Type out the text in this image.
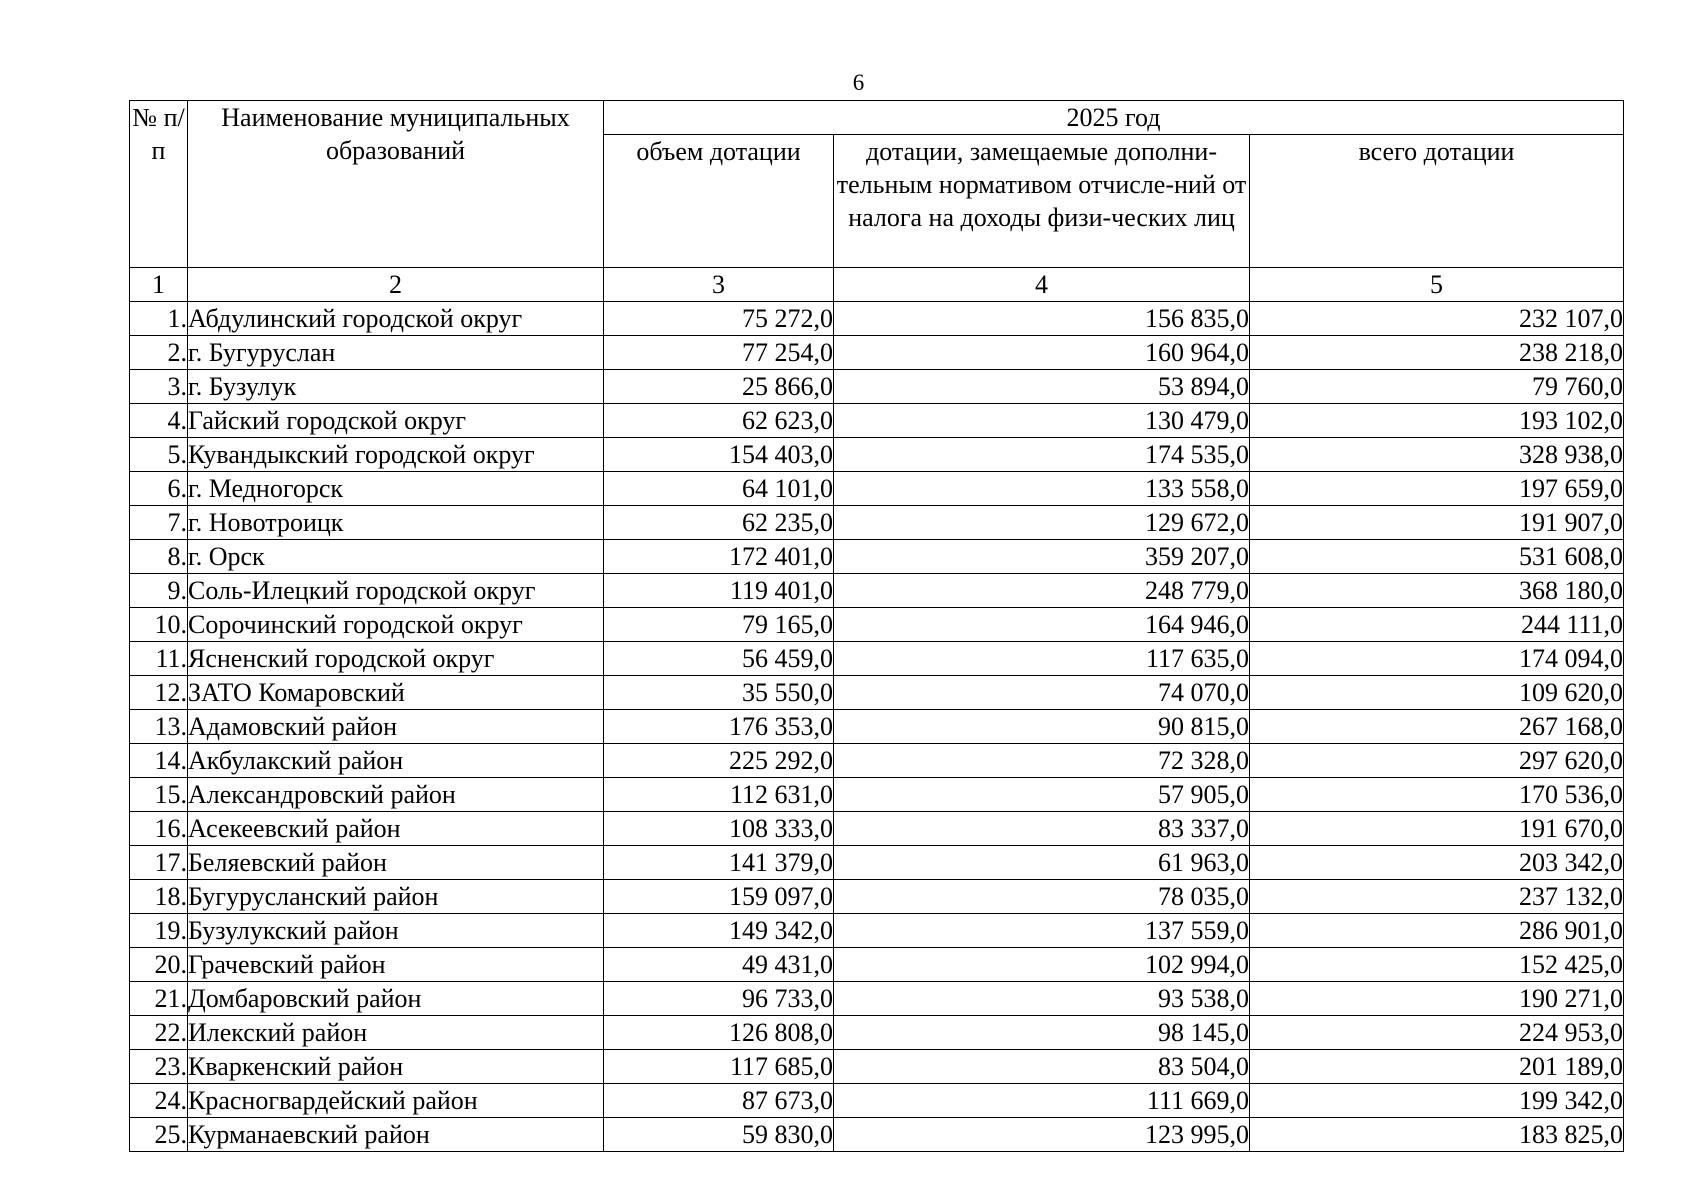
6
№ п/п	Наименование муниципальных образований	2025 год		
		объем дотации	дотации, замещаемые дополни-тельным нормативом отчисле-ний от налога на доходы физи-ческих лиц	всего дотации
1	2	3	4	5
1.	Абдулинский городской округ	75 272,0	156 835,0	232 107,0
2.	г. Бугуруслан	77 254,0	160 964,0	238 218,0
3.	г. Бузулук	25 866,0	53 894,0	79 760,0
4.	Гайский городской округ	62 623,0	130 479,0	193 102,0
5.	Кувандыкский городской округ	154 403,0	174 535,0	328 938,0
6.	г. Медногорск	64 101,0	133 558,0	197 659,0
7.	г. Новотроицк	62 235,0	129 672,0	191 907,0
8.	г. Орск	172 401,0	359 207,0	531 608,0
9.	Соль-Илецкий городской округ	119 401,0	248 779,0	368 180,0
10.	Сорочинский городской округ	79 165,0	164 946,0	244 111,0
11.	Ясненский городской округ	56 459,0	117 635,0	174 094,0
12.	ЗАТО Комаровский	35 550,0	74 070,0	109 620,0
13.	Адамовский район	176 353,0	90 815,0	267 168,0
14.	Акбулакский район	225 292,0	72 328,0	297 620,0
15.	Александровский район	112 631,0	57 905,0	170 536,0
16.	Асекеевский район	108 333,0	83 337,0	191 670,0
17.	Беляевский район	141 379,0	61 963,0	203 342,0
18.	Бугурусланский район	159 097,0	78 035,0	237 132,0
19.	Бузулукский район	149 342,0	137 559,0	286 901,0
20.	Грачевский район	49 431,0	102 994,0	152 425,0
21.	Домбаровский район	96 733,0	93 538,0	190 271,0
22.	Илекский район	126 808,0	98 145,0	224 953,0
23.	Кваркенский район	117 685,0	83 504,0	201 189,0
24.	Красногвардейский район	87 673,0	111 669,0	199 342,0
25.	Курманаевский район	59 830,0	123 995,0	183 825,0
